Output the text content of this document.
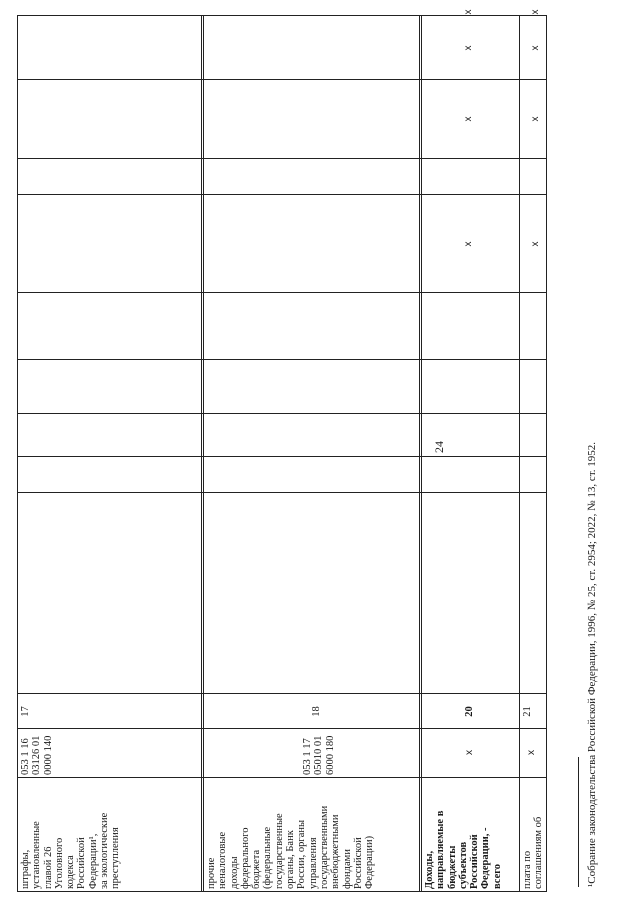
штрафы, установленные главой 26 Уголовного кодекса Российской Федерации¹, за экологические преступления
053 1 16 03126 01 0000 140
17
прочие неналоговые доходы федерального бюджета (федеральные государственные органы, Банк России, органы управления государственными внебюджетными фондами Российской Федерации)
053 1 17 05010 01 6000 180
18
Доходы, направляемые в бюджеты субъектов Российской Федерации, - всего
x
20
плата по соглашениям об
x
21
x
x
x
x
x
x
x
x
24	¹Собрание законодательства Российской Федерации, 1996, № 25, ст. 2954; 2022, № 13, ст. 1952.
